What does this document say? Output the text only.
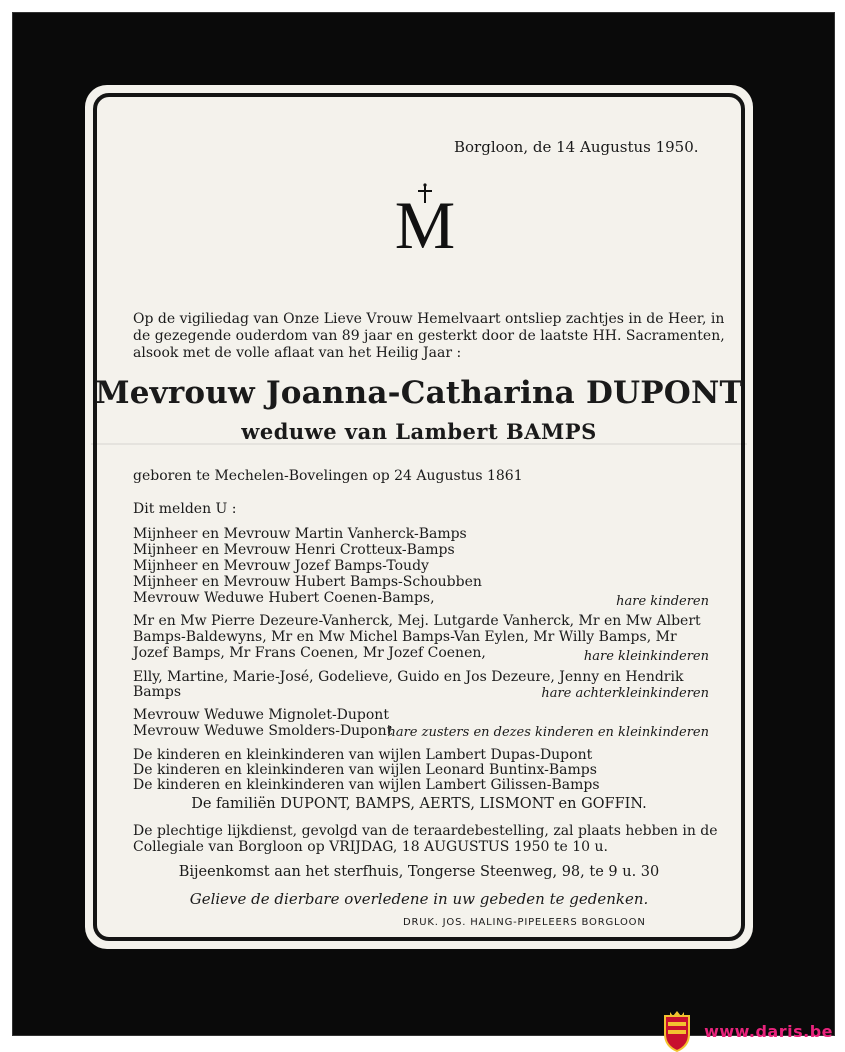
Borgloon, de 14 Augustus 1950.
M
Op de vigiliedag van Onze Lieve Vrouw Hemelvaart ontsliep zachtjes in de Heer, in
de gezegende ouderdom van 89 jaar en gesterkt door de laatste HH. Sacramenten,
alsook met de volle aflaat van het Heilig Jaar :
Mevrouw Joanna-Catharina DUPONT
weduwe van Lambert BAMPS
geboren te Mechelen-Bovelingen op 24 Augustus 1861
Dit melden U :
Mijnheer en Mevrouw Martin Vanherck-Bamps
Mijnheer en Mevrouw Henri Crotteux-Bamps
Mijnheer en Mevrouw Jozef Bamps-Toudy
Mijnheer en Mevrouw Hubert Bamps-Schoubben
Mevrouw Weduwe Hubert Coenen-Bamps,	hare kinderen
Mr en Mw Pierre Dezeure-Vanherck, Mej. Lutgarde Vanherck, Mr en Mw Albert
Bamps-Baldewyns, Mr en Mw Michel Bamps-Van Eylen, Mr Willy Bamps, Mr
Jozef Bamps, Mr Frans Coenen, Mr Jozef Coenen,	hare kleinkinderen
Elly, Martine, Marie-José, Godelieve, Guido en Jos Dezeure, Jenny en Hendrik
Bamps	hare achterkleinkinderen
Mevrouw Weduwe Mignolet-Dupont
Mevrouw Weduwe Smolders-Dupont
hare zusters en dezes kinderen en kleinkinderen
De kinderen en kleinkinderen van wijlen Lambert Dupas-Dupont
De kinderen en kleinkinderen van wijlen Leonard Buntinx-Bamps
De kinderen en kleinkinderen van wijlen Lambert Gilissen-Bamps
De familiën DUPONT, BAMPS, AERTS, LISMONT en GOFFIN.
De plechtige lijkdienst, gevolgd van de teraardebestelling, zal plaats hebben in de
Collegiale van Borgloon op VRIJDAG, 18 AUGUSTUS 1950 te 10 u.
Bijeenkomst aan het sterfhuis, Tongerse Steenweg, 98, te 9 u. 30
Gelieve de dierbare overledene in uw gebeden te gedenken.
DRUK. JOS. HALING-PIPELEERS BORGLOON
www.daris.be
